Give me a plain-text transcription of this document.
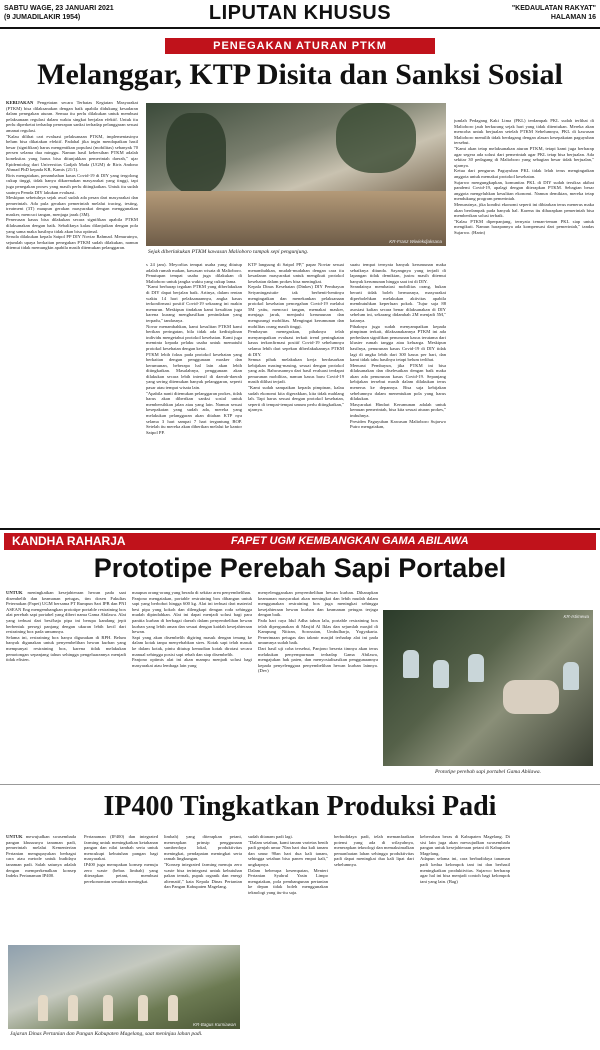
SABTU WAGE, 23 JANUARI 2021
(9 JUMADILAKIR 1954)	LIPUTAN KHUSUS	"KEDAULATAN RAKYAT"
HALAMAN 16
PENEGAKAN ATURAN PTKM
Melanggar, KTP Disita dan Sanksi Sosial
KEBIJAKAN Pengetatan secara Terbatas Kegiatan Masyarakat (PTKM) bisa dilaksanakan dengan baik apabila didukung kesadaran dalam penegakan aturan. Semua itu perlu dilakukan untuk membuat pelaksanaan regulasi dalam waktu singkat berjalan efektif. Untuk itu perlu diperketat terhadap penerapan sanksi terhadap pelanggaran sesuai amanat regulasi.
"Kalau dilihat cari evaluasi pelaksanaan PTKM, implementasinya belum bisa dikatakan efektif. Padahal jika ingin mendapatkan hasil besar (signifikan) harus mengentikan populasi (mobilitas) sebanyak 70 persen selama dua minggu. Namun hasil kebersihan PTKM adalah koneksitas yang harus bisa ditunjukkan pemerintah daerah," ujar Epidemiolog dari Universitas Gadjah Mada (UGM) dr Riris Andono Ahmad PhD kepada KR, Kamis (21/1).
Riris mengatakan, penambahan kasus Covid-19 di DIY yang tergolong cukup tinggi, tidak hanya dikarenakan masyarakat yang tinggi, tapi juga penegakan proses yang masih perlu ditingkatkan. Untuk itu sudah saatnya Pemda DIY lakukan evaluasi.
Meskipun sebetulnya sejak awal sudah ada pesan dari masyarakat dan pemerintah. Ada pula gerakan pemerintah melalui tracing, testing, treatment (3T) maupun gerakan masyarakat dengan menggunakan masker, mencuci tangan, menjaga jarak (3M).
Penerusan kasus bisa dilakukan secara signifikan apabila PTKM dilaksanakan dengan baik. Sebaliknya kalau dilanjutkan dengan pola yang sama maka hasilnya tidak akan bisa optimal.
Seruda dilakukan kepala Satpol PP DIY Noviar Rahmad. Menurutnya, sejumlah upaya berkaitan penegakan PTKM sudah dilakukan, namun ditemui tidak memungkin apabila masih ditemukan pelanggaran.
KR-Franz Wiwiekdjaksana
Sejak diberlakukan PTKM kawasan Malioboro tampak sepi pengunjung.
s 24 jam). Meyorltas tempat usaha yang ditutup adalah rumah makan, kawasan wisata di Malioboro. Penutupan tempat usaha juga dilakukan di Malioboro untuk jangka waktu yang cukup lama.
"Kami berharap tegakan PTKM yang diberlakukan di DIY dapat berjalan baik. Artinya, dalam rentan waktu 14 hari pelaksanaannya, angka kasus terkonfirmasi positif Covid-19 sekarang ini makin menurun. Meskipun tindakan kami kesulitan juga karena kurang menghasilkan penindakan yang terpadu," tandasnya.
Novar menambahkan, kami kesulitan PTKM kami berikan peringatan, bila tidak ada kedisiplinan individu mengetahui protokol kesehatan. Kami juga meminta kepada pelaku usaha untuk mematuhi protokol kesehatan dengan ketat.
PTKM lebih fokus pada protokol kesehatan yang berkaitan dengan penggunaan masker dan kerumunan, beberapa hal lain akan lebih ditingkatkan. Masalahnya, penggunaan akan dilakukan secara lebih intensif di daerah-daerah yang sering ditemukan banyak pelanggaran, seperti pasar atau tempat wisata lain.
"Apabila nanti ditemukan pelanggaran prokes, tidak harus akan diberikan sanksi sosial untuk membersihkan jalan atau yang lain. Namun sesuai kesepakatan yang sudah ada, mereka yang melakukan pelanggaran akan ditahan KTP nya selama 3 hari sampai 7 hari tergantung BOP. Setelah itu mereka akan diberikan melalui ke kantor Satpol PP.
KTP langsung di Satpol PP," papar Noviar sesuai menambahkan, mudah-mudahan dengan cara itu kesadaran masyarakat untuk mengikuti protokol kesehatan dalam prokes bisa meningkat.
Kepala Dinas Kesehatan (Dinkes) DIY Pembayun Setyaningastutie tak berhenti-hentinya mengingatkan dan menekankan pelaksanaan protokol kesehatan pencegahan Covid-19 melalui 5M yaitu, mencuci tangan, memakai masker, menjaga jarak, menjauhi kerumunan dan mengurangi mobilitas. Mengingat kerumunan dan mobilitas orang masih tinggi.
Pembayun menegaskan, pihaknya telah menyampaikan evaluasi terkait trend peningkatan kasus terkonfirmasi positif Covid-19 sebelumnya selama lebih dari sepekan diberlakukannya PTKM di DIY.
Semua pihak melakukan kerja berdasarkan kebijakan masing-masing, sesuai dengan protokol yang ada. Bahwasannya dari hasil evaluasi terdapat penurunan mobilitas, namun kasus baru Covid-19 masih dilihat terjadi.
"Kami sudah sampaikan kepada pimpinan, kalau sudah ekonomi kita digerakkan, kita tidak mahlang lah. Tapi harus sesuai dengan protokol kesehatan, seperti di tempat-tempat umum perlu ditingkatkan," ujarnya.
suatu tempat ternyata banyak kerumunan maka sebaiknya ditunda. Sayangnya yang terjadi di lapangan tidak demikian, justru masih ditemui banyak kerumunan hingga saat ini di DIY.
Seandainya membatasi mobilitas orang, bukan berarti tidak boleh bermasnya, masyarakat diperbolehkan melakukan aktivitas apabila membutuhkan keperluan pokok. "Jujur saja 88 asosiasi kalian secara benar dilaksanakan di DIY sebelum ini, sekarang didambah 2M menjadi 5M," katanya.
Pihaknya juga sudah menyampaikan kepada pimpinan terkait, dilaksanakannya PTKM ini ada perbedaan signifikan penurunan kasus terutama dari kluster rumah tangga atau keluarga. Meskipun hasilnya, penurunan kasus Covid-19 di DIY tidak lagi di angka lebih dari 300 kasus per hari, dan kami tidak tahu hasilnya tetapi belum terlihat.
Menurut Pembayun, jika PTKM ini bisa dilaksanakan dan diselesaikan dengan baik maka akan ada penurunan kasus Covid-19. Sepanjang kebijakan tersebut masih dalam dilakukan terus menerus ke depannya. Bisa saja kebijakan sebelumnya dalam menentukan pola yang harus dilakukan.
Masyarakat Hindari Kerumunan adalah untuk kemuan pemerintah, bisa kita sesuai aturan prokes," imbuhnya.
Presiden Paguyuban Kawasan Malioboro Sujarwo Putro mengatakan,
jumlah Pedagang Kaki Lima (PKL) terdampak PKL sudah terlihat di Malioboro jauh berkurang sejak hari yang tidak ditentukan. Mereka akan mencoba untuk berjualan setelah PTKM Sebelumnya, PKL di kawasan Malioboro memilih tidak berdagang dengan alasan kesepakatan paguyuban tersebut.
"Kami akan tetap melaksanakan aturan PTKM, tetapi kami juga berharap agar segera ada solusi dari pemerintah agar PKL tetap bisa berjualan. Ada sekitar 30 pedagang di Malioboro yang sebagian besar tidak berjualan," ujarnya.
Ketua dari pengurus Paguyuban PKL tidak lelah terus mengingatkan anggota untuk memakai protokol kesehatan.
Sujarwo mengungkapkan, komunitas PKL di DIY sudah tersiksa akibat pandemi Covid-19, apalagi dengan diterapkan PTKM. Sebagian besar anggota mengeluhkan kesulitan ekonomi. Namun demikian, mereka tetap mendukung program pemerintah.
Menurutnya, jika kondisi ekonomi seperti ini dibiarkan terus menerus maka akan berdampak pada banyak hal. Karena itu diharapkan pemerintah bisa memberikan solusi terbaik.
"Kalau PTKM diperpanjang, ternyata teman-teman PKL siap untuk mengikuti. Namun harapannya ada kompensasi dari pemerintah," tandas Sujarwo. (Harin)
KANDHA RAHARJA	FAPET UGM KEMBANGKAN GAMA ABILAWA
Prototipe Perebah Sapi Portabel
UNTUK meningkatkan kesejahteraan hewan pada saat disembelih dan keamanan petugas, tim dosen Fakultas Peternakan (Fapet) UGM bersama PT Rumpun Sari IPB dan PNI ASEAN Eng mengembangkan prototipe portable restraining box alat perebah sapi portabel yang diberi nama Gama Abilawa. Alat yang terbuat dari besi/baja pipa ini berupa kandang jepit berbentuk persegi panjang dengan ukuran lebih kecil dari restraining box pada umumnya.
Selama ini, restraining box hanya digunakan di RPH. Belum banyak digunakan untuk penyembelihan hewan kurban yang mempunyai restraining box, karena tidak melakukan pemotongan sepanjang tahun sehingga pengeluarannya menjadi tidak efisien.
maupun orang-orang yang berada di sekitar area penyembelihan.
Panjono mengatakan, portable restraining box dibangun untuk sapi yang berbobot hingga 600 kg. Alat ini terbuat dari material besi pipa yang kokoh dan dilengkapi dengan roda sehingga mudah dipindahkan. Alat ini dapat menjadi solusi bagi para panitia kurban di berbagai daerah dalam penyembelihan hewan kurban yang lebih aman dan sesuai dengan kaidah kesejahteraan hewan.
Sapi yang akan disembelih digiring masuk dengan tenang ke dalam kotak tanpa menyebabkan stres. Kotak sapi telah masuk ke dalam kotak, pintu ditutup kemudian kotak dirotasi secara manual sehingga posisi sapi rebah dan siap disembelih.
Panjono optimis alat ini akan mampu menjadi solusi bagi masyarakat atau lembaga lain yang
menyelenggarakan penyembelihan hewan kurban. Diharapkan keamanan masyarakat akan meningkat dan lebih mudah dalam menggunakan restraining box juga meningkat sehingga kesejahteraan hewan kurban dan keamanan petugas terjaga dengan baik.
Pada hari raya Idul Adha tahun lalu, portable restraining box telah dipergunakan di Masjid Al Iklas dan sejumlah masjid di Kampung Nitiran, Sorosutan, Umbulharjo, Yogyakarta. Penerimaan petugas dan takmir masjid terhadap alat ini pada umumnya sudah baik.
Dari hasil uji coba tersebut, Panjono beserta timnya akan terus melakukan penyempurnaan terhadap Gama Abilawa, mengajukan hak paten, dan menyosialisasikan penggunaannya kepada penyelenggara penyembelihan hewan kurban lainnya. (Dev)
KR-Istimewa
Prototipe perebah sapi portabel Gama Abilawa.
IP400 Tingkatkan Produksi Padi
UNTUK mewujudkan swasembada pangan khususnya tanaman padi, pemerintah melalui Kementerian Pertanian mengupayakan berbagai cara atau metode untuk budidaya tanaman padi. Salah satunya adalah dengan memperkenalkan konsep Indeks Pertanaman IP400.
Pertanaman (IP400) dan integrated farming untuk meningkatkan ketahanan pangan dan nilai tambah serta untuk mencukupi kebutuhan pangan bagi masyarakat.
IP400 juga merupakan konsep menuju zero waste (bebas limbah) yang diterapkan petani, membuat perekonomian semakin meningkat.
limbah) yang diterapkan petani, menerapkan prinsip penggunaan sumberdaya lokal, produktivitas meningkat, pendapatan meningkat serta ramah lingkungan.
"Konsep integrated farming menuju zero waste bisa terintegrasi untuk kebutuhan pakan ternak, pupuk organik dan energi alternatif," kata Kepala Dinas Pertanian dan Pangan Kabupaten Magelang.
sudah ditanam padi lagi.
"Dalam setahun, kami tanam varietas benih padi genjah umur 70an hari dua kali tanam dan umur 90an hari dua kali tanam, sehingga setahun bisa panen empat kali," ungkapnya.
Dalam beberapa kesempatan, Menteri Pertanian Syahrul Yasin Limpo mengatakan, pola pembangunan pertanian ke depan tidak boleh menggunakan teknologi yang itu-itu saja.
berbudidaya padi, telah memanfaatkan potensi yang ada di wilayahnya, menerapkan teknologi dan memaksimalkan pemanfaatan lahan sehingga produktivitas padi dapat meningkat dua kali lipat dari sebelumnya.
kebersihan beras di Kabupaten Magelang. Di sisi lain juga akan mewujudkan swasembada pangan untuk kesejahteraan petani di Kabupaten Magelang.
Adapun selama ini, cara berbudidaya tanaman padi kedua kelompok tani ini dan berhasil meningkatkan produktivitas. Sujarwo berharap agar hal ini bisa menjadi contoh bagi kelompok tani yang lain. (Bag)
KR-Bagus Kurniawan
Jajaran Dinas Pertanian dan Pangan Kabupaten Magelang, saat meninjau lahan padi.
